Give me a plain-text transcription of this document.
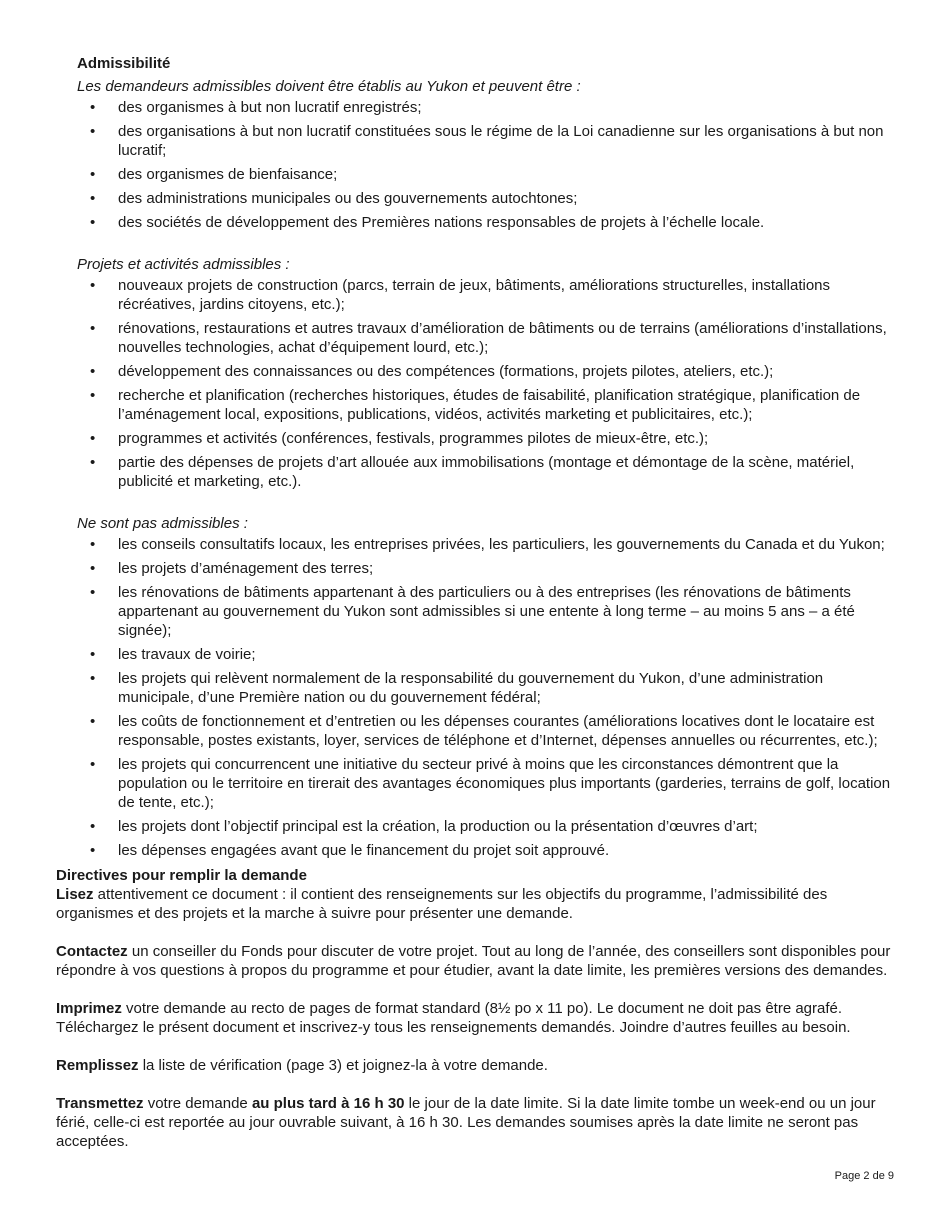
Admissibilité
Les demandeurs admissibles doivent être établis au Yukon et peuvent être :
• des organismes à but non lucratif enregistrés;
• des organisations à but non lucratif constituées sous le régime de la Loi canadienne sur les organisations à but non lucratif;
• des organismes de bienfaisance;
• des administrations municipales ou des gouvernements autochtones;
• des sociétés de développement des Premières nations responsables de projets à l’échelle locale.
Projets et activités admissibles :
• nouveaux projets de construction (parcs, terrain de jeux, bâtiments, améliorations structurelles, installations récréatives, jardins citoyens, etc.);
• rénovations, restaurations et autres travaux d’amélioration de bâtiments ou de terrains (améliorations d’installations, nouvelles technologies, achat d’équipement lourd, etc.);
• développement des connaissances ou des compétences (formations, projets pilotes, ateliers, etc.);
• recherche et planification (recherches historiques, études de faisabilité, planification stratégique, planification de l’aménagement local, expositions, publications, vidéos, activités marketing et publicitaires, etc.);
• programmes et activités (conférences, festivals, programmes pilotes de mieux-être, etc.);
• partie des dépenses de projets d’art allouée aux immobilisations (montage et démontage de la scène, matériel, publicité et marketing, etc.).
Ne sont pas admissibles :
• les conseils consultatifs locaux, les entreprises privées, les particuliers, les gouvernements du Canada et du Yukon;
• les projets d’aménagement des terres;
• les rénovations de bâtiments appartenant à des particuliers ou à des entreprises (les rénovations de bâtiments appartenant au gouvernement du Yukon sont admissibles si une entente à long terme – au moins 5 ans – a été signée);
• les travaux de voirie;
• les projets qui relèvent normalement de la responsabilité du gouvernement du Yukon, d’une administration municipale, d’une Première nation ou du gouvernement fédéral;
• les coûts de fonctionnement et d’entretien ou les dépenses courantes (améliorations locatives dont le locataire est responsable, postes existants, loyer, services de téléphone et d’Internet, dépenses annuelles ou récurrentes, etc.);
• les projets qui concurrencent une initiative du secteur privé à moins que les circonstances démontrent que la population ou le territoire en tirerait des avantages économiques plus importants (garderies, terrains de golf, location de tente, etc.);
• les projets dont l’objectif principal est la création, la production ou la présentation d’œuvres d’art;
• les dépenses engagées avant que le financement du projet soit approuvé.
Directives pour remplir la demande

Lisez attentivement ce document : il contient des renseignements sur les objectifs du programme, l’admissibilité des organismes et des projets et la marche à suivre pour présenter une demande.

Contactez un conseiller du Fonds pour discuter de votre projet. Tout au long de l’année, des conseillers sont disponibles pour répondre à vos questions à propos du programme et pour étudier, avant la date limite, les premières versions des demandes.

Imprimez votre demande au recto de pages de format standard (8½ po x 11 po). Le document ne doit pas être agrafé. Téléchargez le présent document et inscrivez-y tous les renseignements demandés. Joindre d’autres feuilles au besoin.

Remplissez la liste de vérification (page 3) et joignez-la à votre demande.

Transmettez votre demande au plus tard à 16 h 30 le jour de la date limite. Si la date limite tombe un week-end ou un jour férié, celle-ci est reportée au jour ouvrable suivant, à 16 h 30. Les demandes soumises après la date limite ne seront pas acceptées.

Page 2 de 9
